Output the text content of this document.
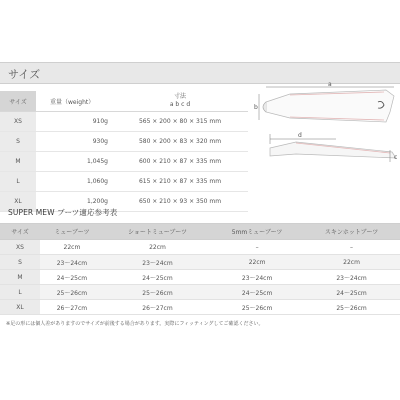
サイズ
サイズ	重量（weight）	寸法
a b c d

XS	910g	565 × 200 × 80 × 315 mm
S	930g	580 × 200 × 83 × 320 mm
M	1,045g	600 × 210 × 87 × 335 mm
L	1,060g	615 × 210 × 87 × 335 mm
XL	1,200g	650 × 210 × 93 × 350 mm
a
b
d
c
SUPER MEW ブーツ適応参考表
サイズ	ミューブーツ	ショートミューブーツ	5mmミューブーツ	スキンホットブーツ
XS	22cm	22cm	–	–
S	23〜24cm	23〜24cm	22cm	22cm
M	24〜25cm	24〜25cm	23〜24cm	23〜24cm
L	25〜26cm	25〜26cm	24〜25cm	24〜25cm
XL	26〜27cm	26〜27cm	25〜26cm	25〜26cm
※足の形には個人差がありますのでサイズが前後する場合があります。実際にフィッティングしてご確認ください。
